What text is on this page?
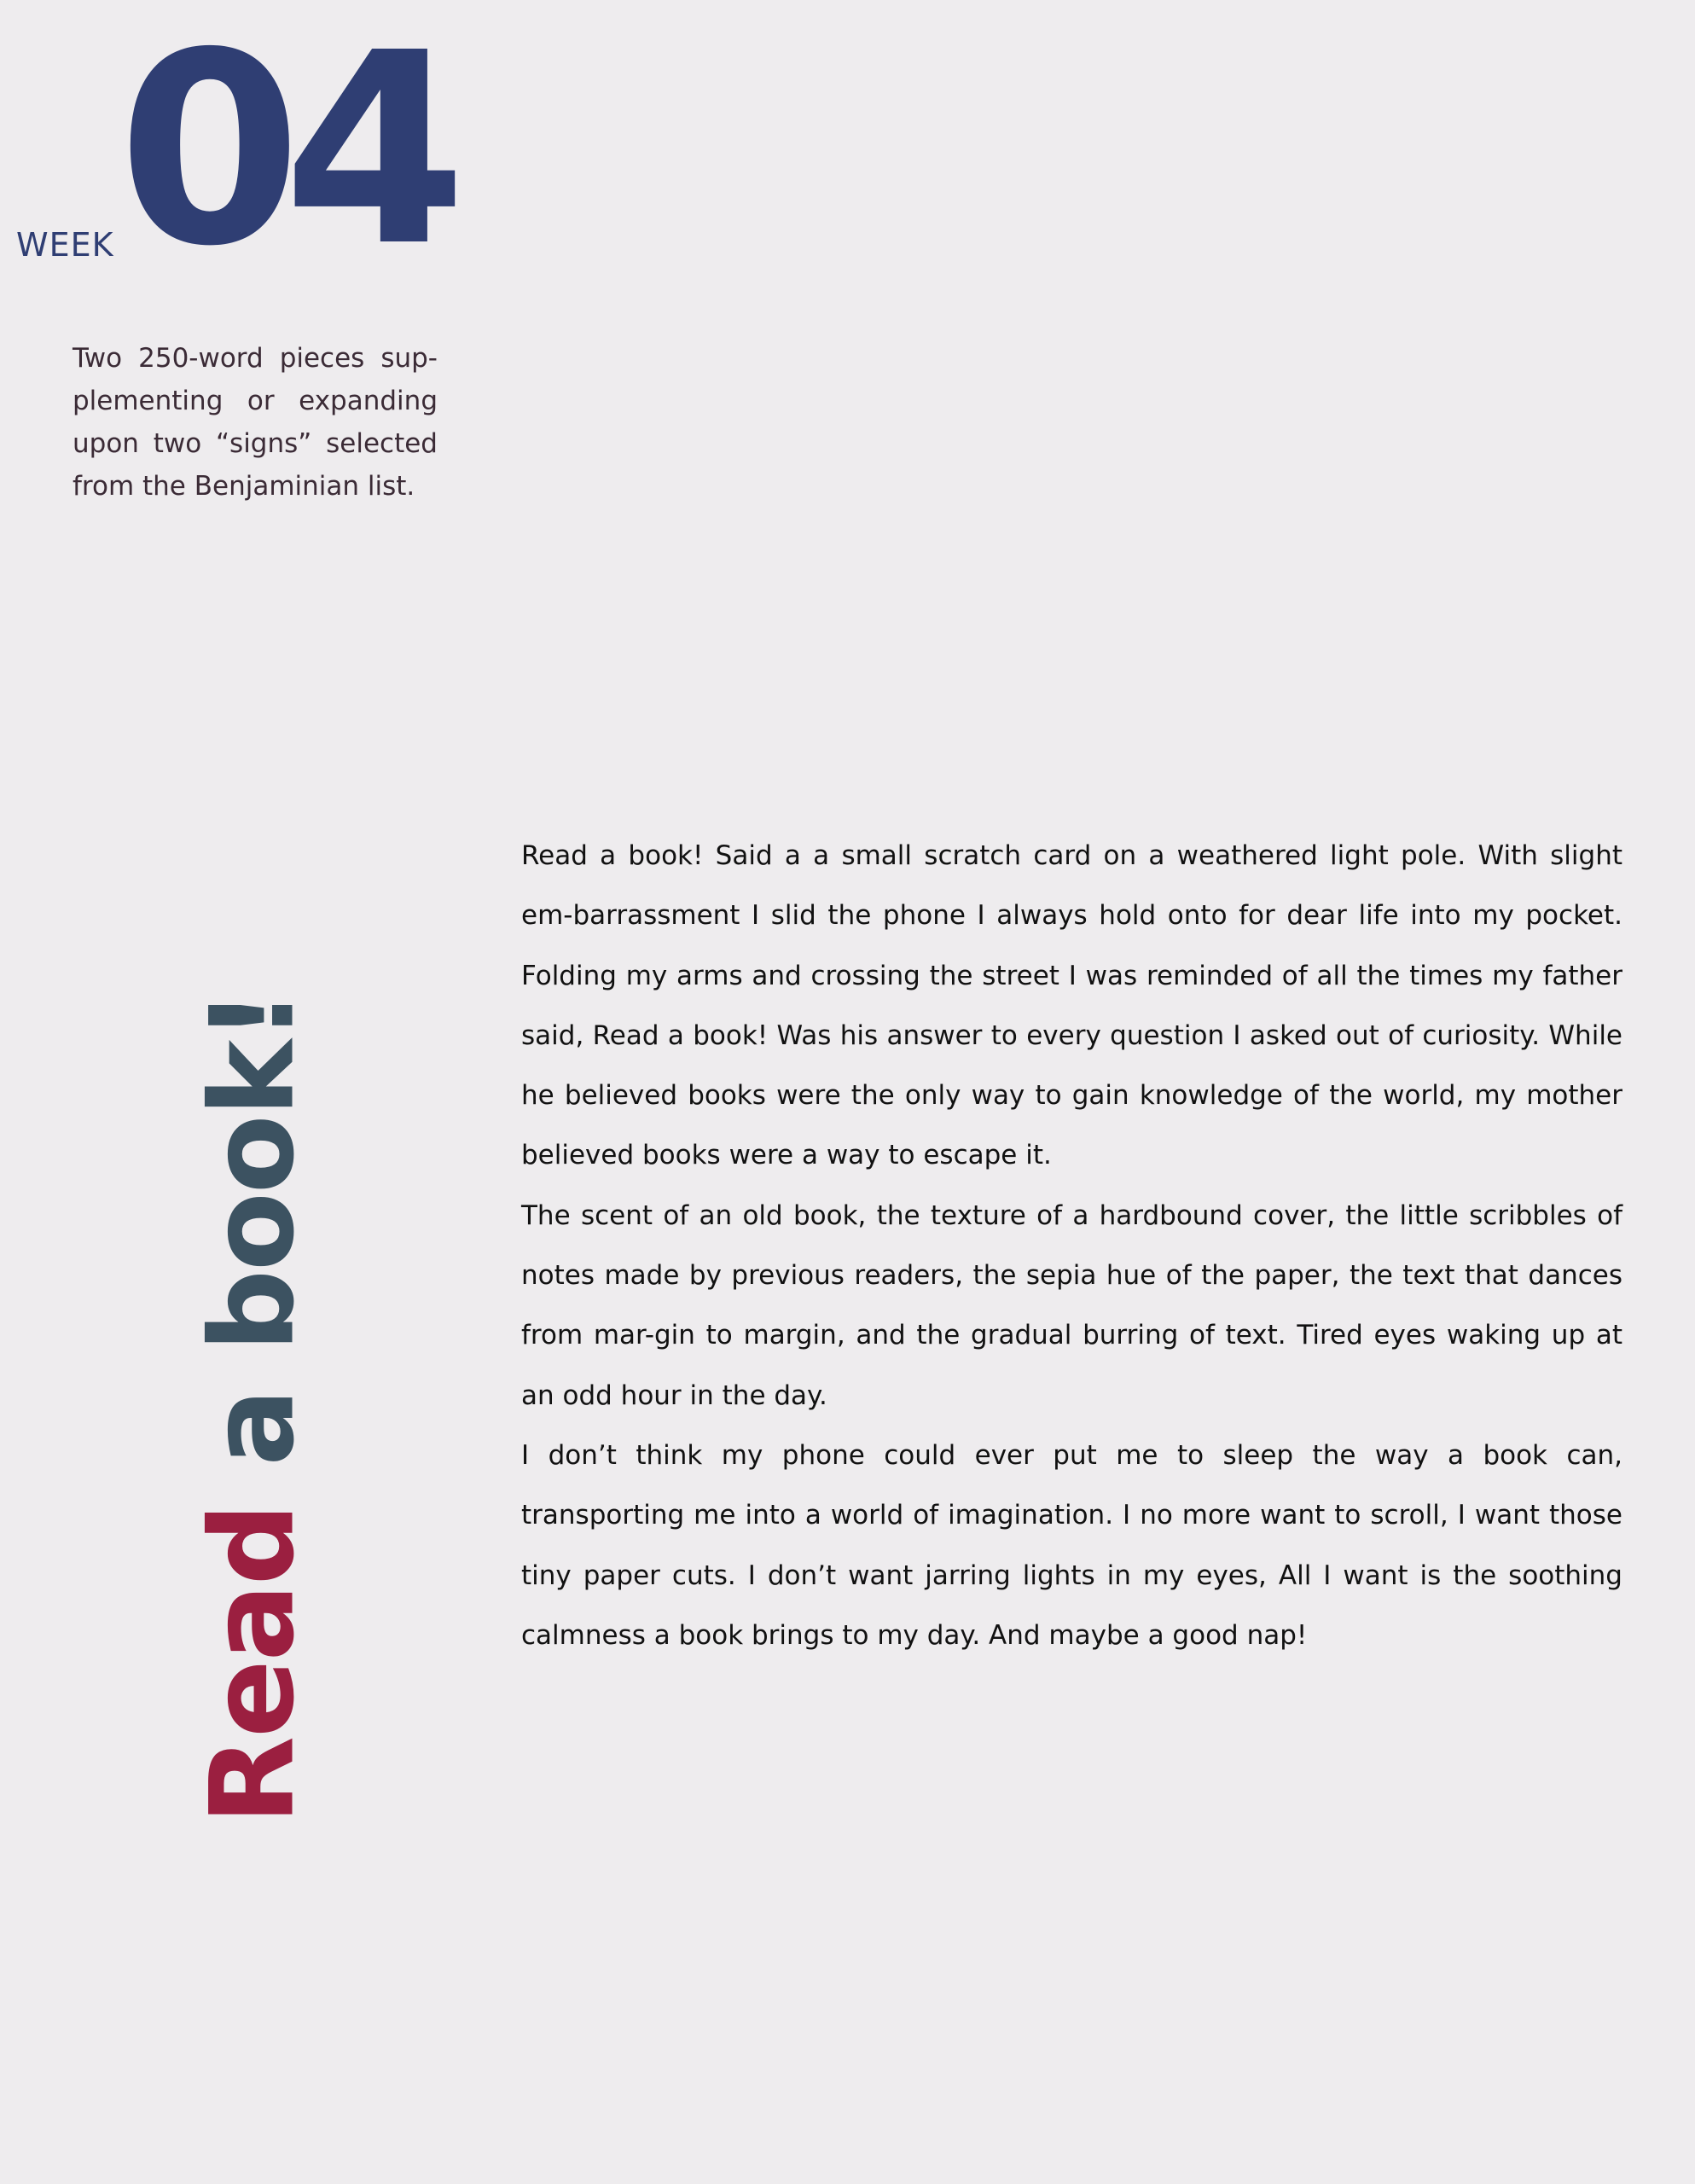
WEEK 04

Two 250-word pieces sup-plementing or expanding upon two “signs” selected from the Benjaminian list.

Read a book!

Read a book! Said a a small scratch card on a weathered light pole. With slight em-barrassment I slid the phone I always hold onto for dear life into my pocket. Folding my arms and crossing the street I was reminded of all the times my father said, Read a book! Was his answer to every question I asked out of curiosity. While he believed books were the only way to gain knowledge of the world, my mother believed books were a way to escape it.

The scent of an old book, the texture of a hardbound cover, the little scribbles of notes made by previous readers, the sepia hue of the paper, the text that dances from mar-gin to margin, and the gradual burring of text. Tired eyes waking up at an odd hour in the day.

I don’t think my phone could ever put me to sleep the way a book can, transporting me into a world of imagination. I no more want to scroll, I want those tiny paper cuts. I don’t want jarring lights in my eyes, All I want is the soothing calmness a book brings to my day. And maybe a good nap!
